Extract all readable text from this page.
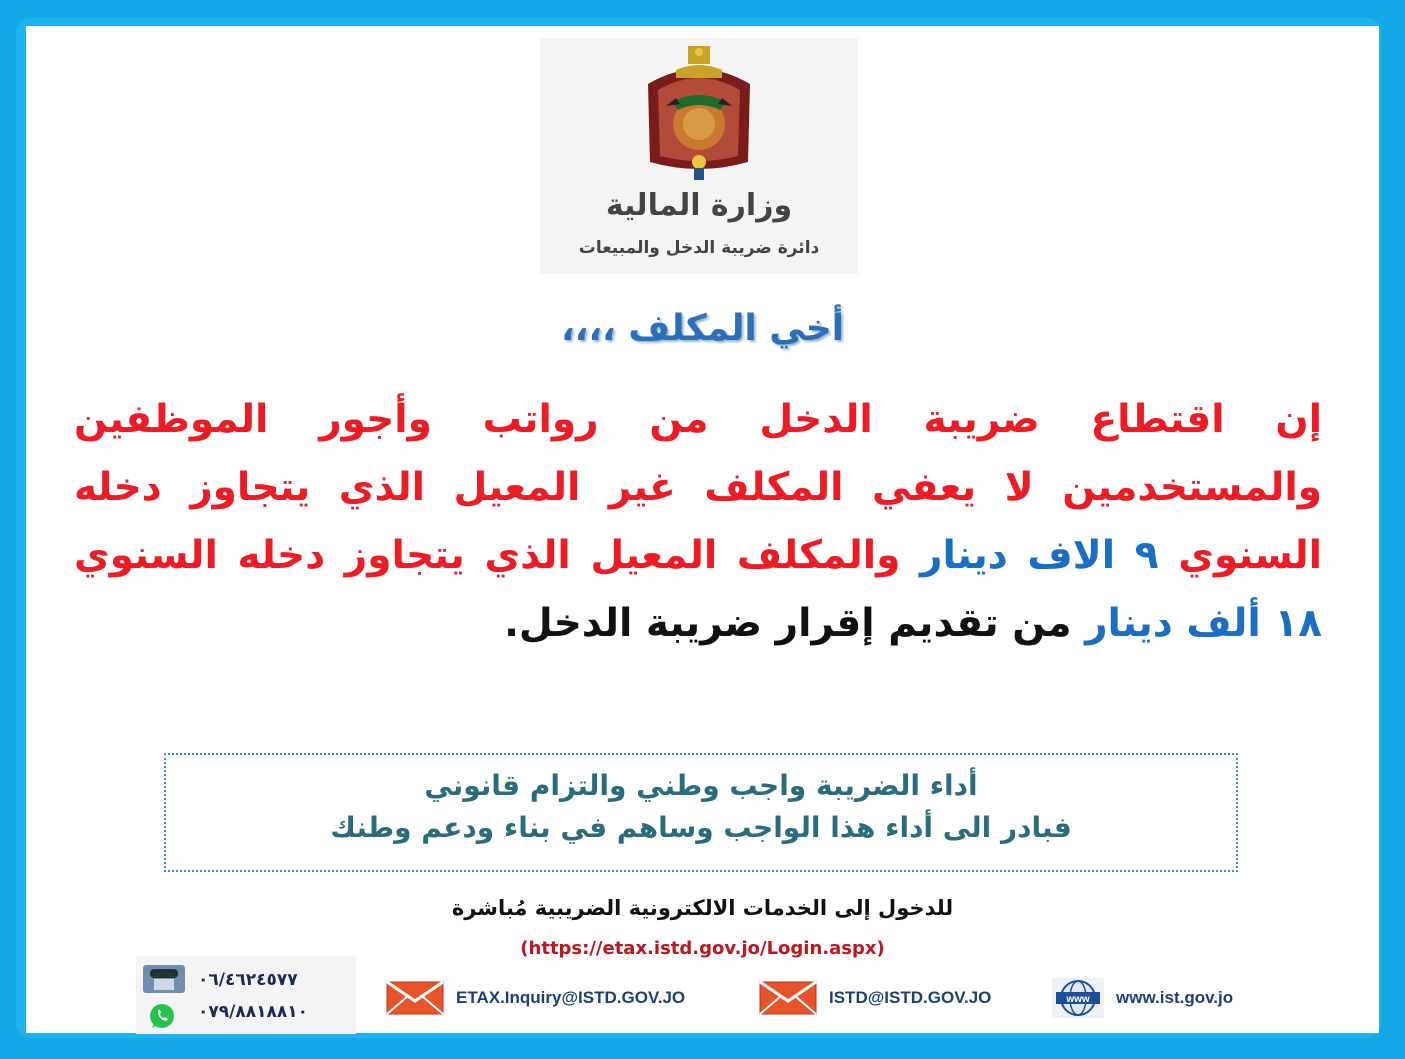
وزارة المالية
دائرة ضريبة الدخل والمبيعات
أخي المكلف ،،،،
إن اقتطاع ضريبة الدخل من رواتب وأجور الموظفين والمستخدمين لا يعفي المكلف غير المعيل الذي يتجاوز دخله السنوي ٩ الاف دينار والمكلف المعيل الذي يتجاوز دخله السنوي ١٨ ألف دينار من تقديم إقرار ضريبة الدخل.
أداء الضريبة واجب وطني والتزام قانوني
فبادر الى أداء هذا الواجب وساهم في بناء ودعم وطنك
للدخول إلى الخدمات الالكترونية الضريبية مُباشرة
(https://etax.istd.gov.jo/Login.aspx)
٠٦/٤٦٢٤٥٧٧
٠٧٩/٨٨١٨٨١٠
ETAX.Inquiry@ISTD.GOV.JO	ISTD@ISTD.GOV.JO	www www.ist.gov.jo
